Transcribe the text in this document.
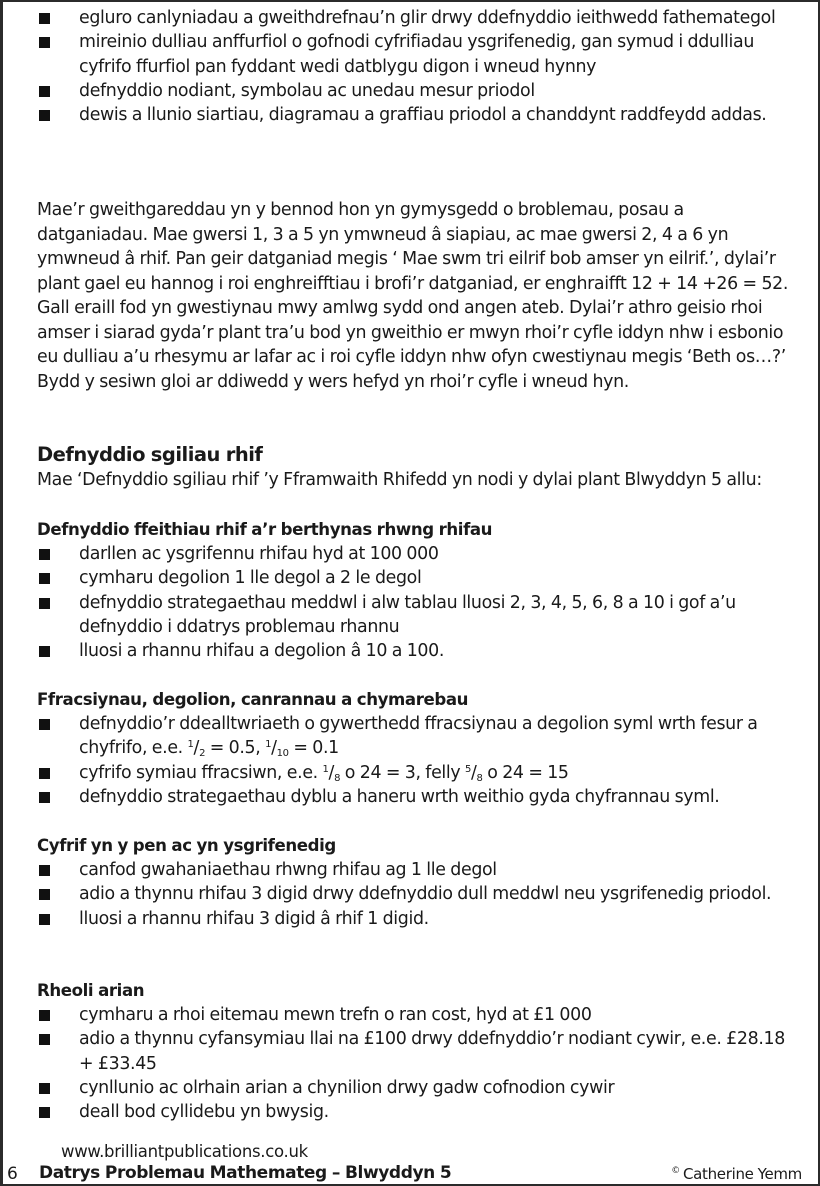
egluro canlyniadau a gweithdrefnau’n glir drwy ddefnyddio ieithwedd fathemategol
mireinio dulliau anffurfiol o gofnodi cyfrifiadau ysgrifenedig, gan symud i ddulliau cyfrifo ffurfiol pan fyddant wedi datblygu digon i wneud hynny
defnyddio nodiant, symbolau ac unedau mesur priodol
dewis a llunio siartiau, diagramau a graffiau priodol a chanddynt raddfeydd addas.

Mae’r gweithgareddau yn y bennod hon yn gymysgedd o broblemau, posau a datganiadau. Mae gwersi 1, 3 a 5 yn ymwneud â siapiau, ac mae gwersi 2, 4 a 6 yn ymwneud â rhif. Pan geir datganiad megis ‘ Mae swm tri eilrif bob amser yn eilrif.’, dylai’r plant gael eu hannog i roi enghreifftiau i brofi’r datganiad, er enghraifft 12 + 14 +26 = 52. Gall eraill fod yn gwestiynau mwy amlwg sydd ond angen ateb. Dylai’r athro geisio rhoi amser i siarad gyda’r plant tra’u bod yn gweithio er mwyn rhoi’r cyfle iddyn nhw i esbonio eu dulliau a’u rhesymu ar lafar ac i roi cyfle iddyn nhw ofyn cwestiynau megis ‘Beth os…?’ Bydd y sesiwn gloi ar ddiwedd y wers hefyd yn rhoi’r cyfle i wneud hyn.

Defnyddio sgiliau rhif

Mae ‘Defnyddio sgiliau rhif ’y Fframwaith Rhifedd yn nodi y dylai plant Blwyddyn 5 allu:

Defnyddio ffeithiau rhif a’r berthynas rhwng rhifau

darllen ac ysgrifennu rhifau hyd at 100 000
cymharu degolion 1 lle degol a 2 le degol
defnyddio strategaethau meddwl i alw tablau lluosi 2, 3, 4, 5, 6, 8 a 10 i gof a’u defnyddio i ddatrys problemau rhannu
lluosi a rhannu rhifau a degolion â 10 a 100.

Ffracsiynau, degolion, canrannau a chymarebau

defnyddio’r ddealltwriaeth o gywerthedd ffracsiynau a degolion syml wrth fesur a chyfrifo, e.e. $^1/_2 = 0.5$, $^1/_{10} = 0.1$
cyfrifo symiau ffracsiwn, e.e. $^1/_8$ o 24 = 3, felly $^5/_8$ o 24 = 15
defnyddio strategaethau dyblu a haneru wrth weithio gyda chyfrannau syml.

Cyfrif yn y pen ac yn ysgrifenedig

canfod gwahaniaethau rhwng rhifau ag 1 lle degol
adio a thynnu rhifau 3 digid drwy ddefnyddio dull meddwl neu ysgrifenedig priodol.
lluosi a rhannu rhifau 3 digid â rhif 1 digid.

Rheoli arian

cymharu a rhoi eitemau mewn trefn o ran cost, hyd at £1 000
adio a thynnu cyfansymiau llai na £100 drwy ddefnyddio’r nodiant cywir, e.e. £28.18 + £33.45
cynllunio ac olrhain arian a chynilion drwy gadw cofnodion cywir
deall bod cyllidebu yn bwysig.
www.brilliantpublications.co.uk
6 Datrys Problemau Mathemateg – Blwyddyn 5	© Catherine Yemm
